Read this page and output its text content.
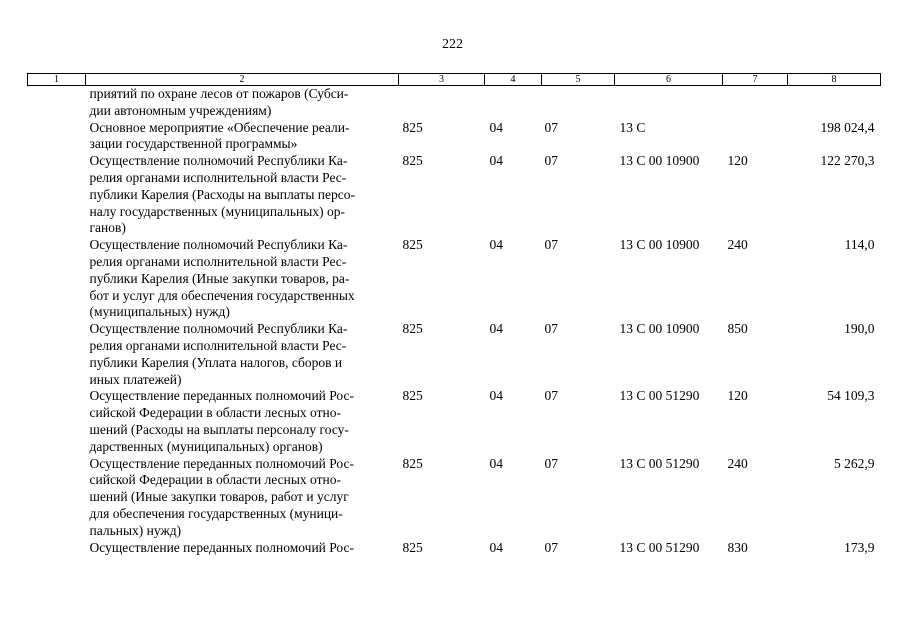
222
1	2	3	4	5	6	7	8
	приятий по охране лесов от пожаров (Субси-
дии автономным учреждениям)						
	Основное мероприятие «Обеспечение реали-
зации государственной программы»	825	04	07	13 С		198 024,4
	Осуществление полномочий Республики Ка-
релия органами исполнительной власти Рес-
публики Карелия (Расходы на выплаты персо-
налу государственных (муниципальных) ор-
ганов)	825	04	07	13 С 00 10900	120	122 270,3
	Осуществление полномочий Республики Ка-
релия органами исполнительной власти Рес-
публики Карелия (Иные закупки товаров, ра-
бот и услуг для обеспечения государственных
(муниципальных) нужд)	825	04	07	13 С 00 10900	240	114,0
	Осуществление полномочий Республики Ка-
релия органами исполнительной власти Рес-
публики Карелия (Уплата налогов, сборов и
иных платежей)	825	04	07	13 С 00 10900	850	190,0
	Осуществление переданных полномочий Рос-
сийской Федерации в области лесных отно-
шений (Расходы на выплаты персоналу госу-
дарственных (муниципальных) органов)	825	04	07	13 С 00 51290	120	54 109,3
	Осуществление переданных полномочий Рос-
сийской Федерации в области лесных отно-
шений (Иные закупки товаров, работ и услуг
для обеспечения государственных (муници-
пальных) нужд)	825	04	07	13 С 00 51290	240	5 262,9
	Осуществление переданных полномочий Рос-	825	04	07	13 С 00 51290	830	173,9
